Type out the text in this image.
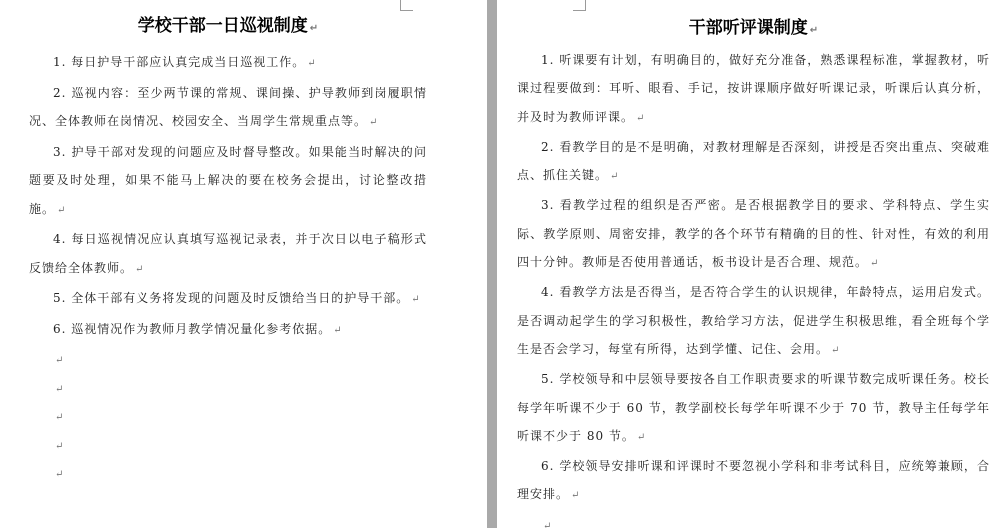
学校干部一日巡视制度 ↵

1. 每日护导干部应认真完成当日巡视工作。 ↵

2. 巡视内容：至少两节课的常规、课间操、护导教师到岗履职情况、全体教师在岗情况、校园安全、当周学生常规重点等。 ↵

3. 护导干部对发现的问题应及时督导整改。如果能当时解决的问题要及时处理，如果不能马上解决的要在校务会提出，讨论整改措施。 ↵

4. 每日巡视情况应认真填写巡视记录表，并于次日以电子稿形式反馈给全体教师。 ↵

5. 全体干部有义务将发现的问题及时反馈给当日的护导干部。 ↵

6. 巡视情况作为教师月教学情况量化参考依据。 ↵

↵

↵

↵

↵

↵

干部听评课制度 ↵

1. 听课要有计划，有明确目的，做好充分准备，熟悉课程标准，掌握教材，听课过程要做到：耳听、眼看、手记，按讲课顺序做好听课记录，听课后认真分析，并及时为教师评课。 ↵

2. 看教学目的是不是明确，对教材理解是否深刻，讲授是否突出重点、突破难点、抓住关键。 ↵

3. 看教学过程的组织是否严密。是否根据教学目的要求、学科特点、学生实际、教学原则、周密安排，教学的各个环节有精确的目的性、针对性，有效的利用四十分钟。教师是否使用普通话，板书设计是否合理、规范。 ↵

4. 看教学方法是否得当，是否符合学生的认识规律，年龄特点，运用启发式。是否调动起学生的学习积极性，教给学习方法，促进学生积极思维，看全班每个学生是否会学习，每堂有所得，达到学懂、记住、会用。 ↵

5. 学校领导和中层领导要按各自工作职责要求的听课节数完成听课任务。校长每学年听课不少于 60 节，教学副校长每学年听课不少于 70 节，教导主任每学年听课不少于 80 节。 ↵

6. 学校领导安排听课和评课时不要忽视小学科和非考试科目，应统筹兼顾，合理安排。 ↵

↵
